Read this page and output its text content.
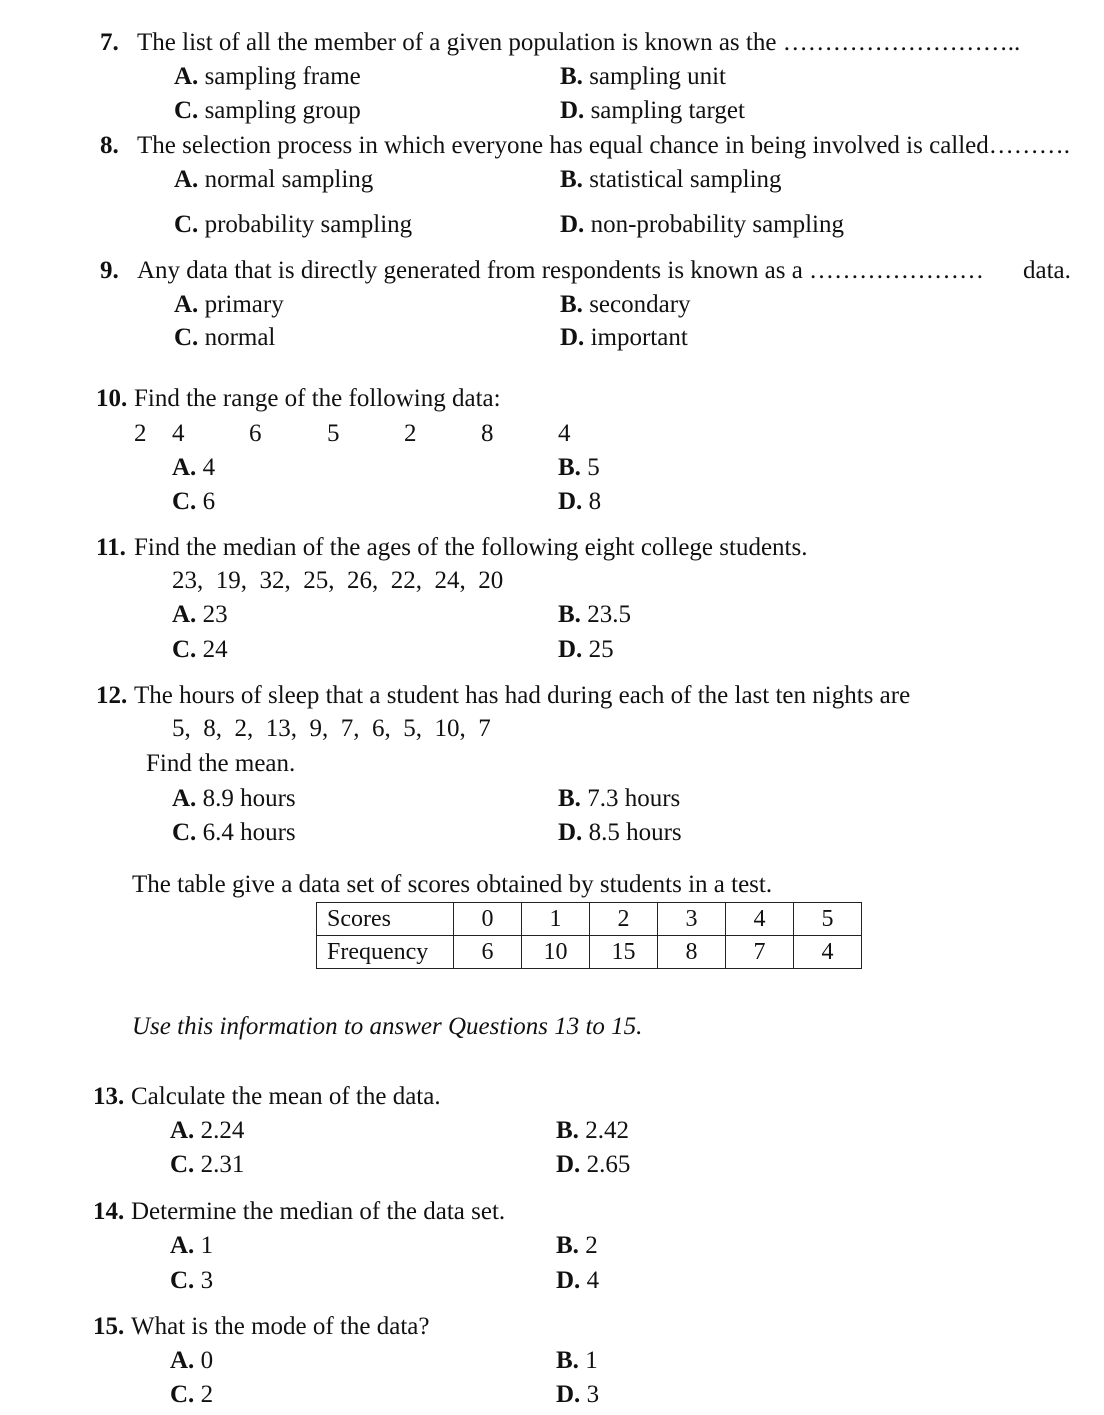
7. The list of all the member of a given population is known as the ………………………..
A. sampling frame	B. sampling unit
C. sampling group	D. sampling target
8. The selection process in which everyone has equal chance in being involved is called……….
A. normal sampling	B. statistical sampling
C. probability sampling	D. non-probability sampling
9. Any data that is directly generated from respondents is known as a ………………… data.
A. primary	B. secondary
C. normal	D. important
10. Find the range of the following data:
2 4	6	5	2	8	4
A. 4	B. 5
C. 6	D. 8
11. Find the median of the ages of the following eight college students.
23,  19,  32,  25,  26,  22,  24,  20
A. 23	B. 23.5
C. 24	D. 25
12. The hours of sleep that a student has had during each of the last ten nights are
5,  8,  2,  13,  9,  7,  6,  5,  10,  7
Find the mean.
A. 8.9 hours	B. 7.3 hours
C. 6.4 hours	D. 8.5 hours
The table give a data set of scores obtained by students in a test.
Scores	0	1	2	3	4	5
Frequency	6	10	15	8	7	4
Use this information to answer Questions 13 to 15.
13. Calculate the mean of the data.
A. 2.24	B. 2.42
C. 2.31	D. 2.65
14. Determine the median of the data set.
A. 1	B. 2
C. 3	D. 4
15. What is the mode of the data?
A. 0	B. 1
C. 2	D. 3
